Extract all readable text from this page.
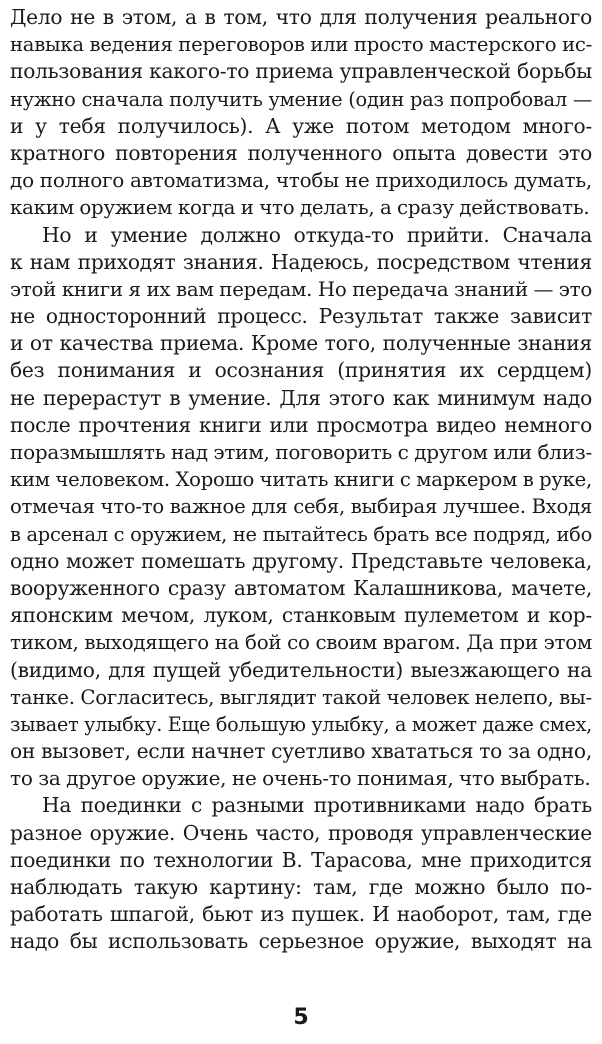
Дело не в этом, а в том, что для получения реального
навыка ведения переговоров или просто мастерского ис-
пользования какого-то приема управленческой борьбы
нужно сначала получить умение (один раз попробовал —
и у тебя получилось). А уже потом методом много-
кратного повторения полученного опыта довести это
до полного автоматизма, чтобы не приходилось думать,
каким оружием когда и что делать, а сразу действовать.
Но и умение должно откуда-то прийти. Сначала
к нам приходят знания. Надеюсь, посредством чтения
этой книги я их вам передам. Но передача знаний — это
не односторонний процесс. Результат также зависит
и от качества приема. Кроме того, полученные знания
без понимания и осознания (принятия их сердцем)
не перерастут в умение. Для этого как минимум надо
после прочтения книги или просмотра видео немного
поразмышлять над этим, поговорить с другом или близ-
ким человеком. Хорошо читать книги с маркером в руке,
отмечая что-то важное для себя, выбирая лучшее. Входя
в арсенал с оружием, не пытайтесь брать все подряд, ибо
одно может помешать другому. Представьте человека,
вооруженного сразу автоматом Калашникова, мачете,
японским мечом, луком, станковым пулеметом и кор-
тиком, выходящего на бой со своим врагом. Да при этом
(видимо, для пущей убедительности) выезжающего на
танке. Согласитесь, выглядит такой человек нелепо, вы-
зывает улыбку. Еще большую улыбку, а может даже смех,
он вызовет, если начнет суетливо хвататься то за одно,
то за другое оружие, не очень-то понимая, что выбрать.
На поединки с разными противниками надо брать
разное оружие. Очень часто, проводя управленческие
поединки по технологии В. Тарасова, мне приходится
наблюдать такую картину: там, где можно было по-
работать шпагой, бьют из пушек. И наоборот, там, где
надо бы использовать серьезное оружие, выходят на
5
